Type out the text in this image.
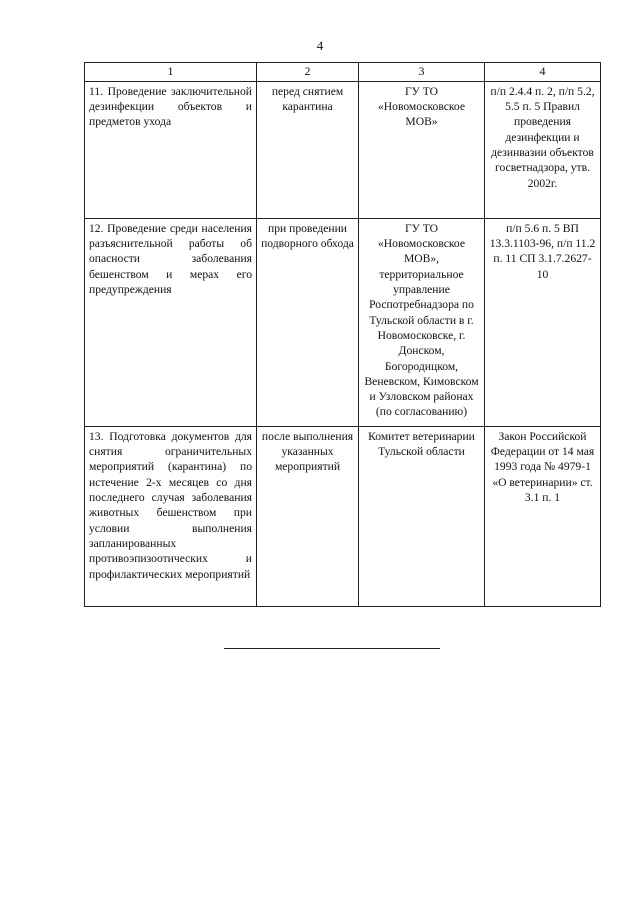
4
1	2	3	4
11. Проведение заключительной дезинфекции объектов и предметов ухода	перед снятием карантина	ГУ ТО «Новомосковское МОВ»	п/п 2.4.4 п. 2, п/п 5.2, 5.5 п. 5 Правил проведения дезинфекции и дезинвазии объектов госветнадзора, утв. 2002г.
12. Проведение среди населения разъяснительной работы об опасности заболевания бешенством и мерах его предупреждения	при проведении подворного обхода	ГУ ТО «Новомосковское МОВ», территориальное управление Роспотребнадзора по Тульской области в г. Новомосковске, г. Донском, Богородицком, Веневском, Кимовском и Узловском районах (по согласованию)	п/п 5.6 п. 5 ВП 13.3.1103-96, п/п 11.2 п. 11 СП 3.1.7.2627-10
13. Подготовка документов для снятия ограничительных мероприятий (карантина) по истечение 2-х месяцев со дня последнего случая заболевания животных бешенством при условии выполнения запланированных противоэпизоотических и профилактических мероприятий	после выполнения указанных мероприятий	Комитет ветеринарии Тульской области	Закон Российской Федерации от 14 мая 1993 года № 4979-1 «О ветеринарии» ст. 3.1 п. 1
